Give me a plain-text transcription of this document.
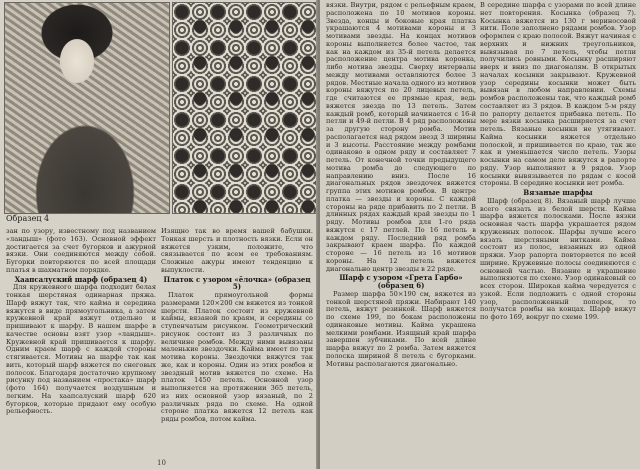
Образец 4

зан по узору, известному под названием «ландыш» (фото 163). Основной эффект достигается за счет бугорков и ажурной вязки. Они соединяются между собой. Бугорки повторяются по всей площади платья в шахматном порядке.

Хаапсалуский шарф (образец 4)

Для кружевного шарфа подходит белая тонкая шерстяная одинарная пряжа. Шарф вяжут так, что кайма и середина вяжутся в виде прямоугольника, а затем кружевной край вяжут отдельно и пришивают к шарфу. В нашем шарфе в качестве основы взят узор «ландыш». Кружевной край пришивается к шарфу. Одним краем шарф с каждой стороны стягивается. Мотивы на шарфе так как вить, который шарф вяжется по снеговых полосок. Благодаря достаточно крупному рисунку под названием «простака» шарф (фото 164) получается воздушным и легким. На хаапсалуский шарф 620 бугорков, которые придают ему особую рельефность.

Изящно так во время вашей бабушки. Тонкая шерсть и плотность вязки. Если он вяжется узким, положите, что связывается по всем ее требованиям. Сложные ажуры имеют тенденцию к выпуклости.

Платок с узором «ёлочка» (образец 5)

Платок прямоугольной формы размерами 120×200 см вяжется из тонкой шерсти. Платок состоит из кружевной каймы, вязаной по краям, и середины со ступенчатым рисунком. Геометрический рисунок состоит из 3 различных по величине ромбов. Между ними вывязаны маленькие звездочки. Кайма имеет по три мотива короны. Звездочки вяжутся так же, как и короны. Один из этих ромбов и звездный мотив вяжется по схеме. На платок 1450 петель. Основной узор выполняется на протяжении 365 петель, из них основной узор вязаный, по 2 различных ряда по схеме. На одной стороне платка вяжется 12 петель как ряды ромбов, потом кайма.

10

вязки. Внутри, рядом с рельефным краем, расположена по 10 мотивов короны. Звезда, концы и боковые края платка украшаются 4 мотивами короны и 3 мотивами звезды. На концах мотивов короны выполняется более частое, так как на каждом из 35-й петель делается расположение центра мотива коронка, либо мотива звезды. Сверху интервалы между мотивами оставляются более 3 рядов. Местные начала одного из мотивов короны вяжутся по 20 лицевых петель, где считаются ее прямые края, ведь вяжется звезда по 13 петель. Затем каждый ромб, который начинается с 16-й петли и 49-й петли. В 4 ряд расположены за другую сторону ромба. Мотив располагается над рядом звезд 3 ширины и 3 высоты. Расстояние между ромбами одинаково в одном ряду и составляет 7 петель. От конечной точки предыдущего мотива ромба до следующего по направлению вниз. После 16 диагональных рядов звездочек вяжется группа этих мотивов ромбов. В центре платка — звезды и короны. С каждой стороны на ряде прибавить по 2 петли. В длинных рядах каждый край звезды по 1 ряду. Мотивы ромбов для 1-го ряда вяжутся с 17 петлей. По 16 петель в каждом ряду. Последний ряд ромба закрывают краем шарфа. По каждой стороне — 16 петель из 16 мотивов короны. На 12 петель вяжется диагонально центр звезды в 22 ряде.

Шарф с узором «Грета Гарбо» (образец 6)

Размер шарфа 50×190 см, вяжется из тонкой шерстяной пряжи. Набирают 140 петель, вяжут резинкой. Шарф вяжется по схеме 199, по бокам расположены одинаковые мотивы. Кайма украшена мелкими ромбами. Изящный край шарфа завершен зубчиками. По всей длине шарфа вяжут по 2 ромба. Затем вяжется полоска шириной 8 петель с бугорками. Мотивы располагаются диагонально.

В середине шарфа с узорами по всей длине нет повторения. Косынка (образец 7). Косынка вяжется из 130 г мериносовой нити. Поле заполнено рядами ромбов. Узор оформлен с краю полосой. Вяжут начиная с верхних и нижних треугольников, вывязывая по 7 петель, чтобы петли получились ровными. Косынку расширяют вверх и вниз по диагоналям. В открытых началах косынки закрывают. Кружевной узор середины косынки может быть вывязан в любом направлении. Схемы ромбов расположены так, что каждый ромб составляет из 3 рядов. В каждом 5-м ряду по рапорту делается прибавка петель. По мере вязки косынка расширяется за счет петель. Вязаные косынки не утягивают. Кайма косынки вяжется отдельно полоской, и пришивается по краю, так же как и уменьшается число петель. Узоры косынки на самом деле вяжутся в рапорте ряду. Узор выполняют в 9 рядов. Узор косынки вывязывается по рядам с косой стороны. В середине косынки нет ромба.

Вязаные шарфы

Шарф (образец 8). Вязаный шарф лучше всего связать из белой шерсти. Кайма шарфа вяжется полосками. После вязки основная часть шарфа украшается рядом кружевных полосок. Шарфы лучше всего вязать шерстяными нитками. Кайма состоит из полос, вязанных из одной пряжи. Узор рапорта повторяется по всей ширине. Кружевные полосы соединяются с основной частью. Вязание и украшение выполняются по схеме. Узор одинаковый со всех сторон. Широкая кайма чередуется с узкой. Если подложить с одной стороны узор, расположенный поперек, то получатся ромбы на концах. Шарф вяжут по фото 169, вокруг по схеме 199.
